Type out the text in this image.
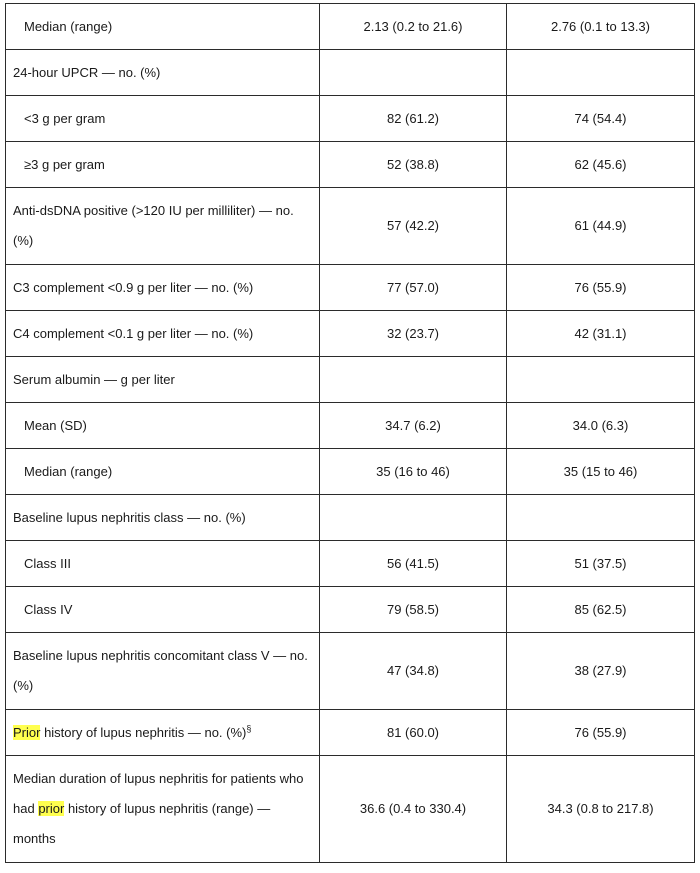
Median (range)	2.13 (0.2 to 21.6)	2.76 (0.1 to 13.3)
24-hour UPCR — no. (%)		
<3 g per gram	82 (61.2)	74 (54.4)
≥3 g per gram	52 (38.8)	62 (45.6)
Anti-dsDNA positive (>120 IU per milliliter) — no. (%)	57 (42.2)	61 (44.9)
C3 complement <0.9 g per liter — no. (%)	77 (57.0)	76 (55.9)
C4 complement <0.1 g per liter — no. (%)	32 (23.7)	42 (31.1)
Serum albumin — g per liter		
Mean (SD)	34.7 (6.2)	34.0 (6.3)
Median (range)	35 (16 to 46)	35 (15 to 46)
Baseline lupus nephritis class — no. (%)		
Class III	56 (41.5)	51 (37.5)
Class IV	79 (58.5)	85 (62.5)
Baseline lupus nephritis concomitant class V — no. (%)	47 (34.8)	38 (27.9)
Prior history of lupus nephritis — no. (%)§	81 (60.0)	76 (55.9)
Median duration of lupus nephritis for patients who had prior history of lupus nephritis (range) — months	36.6 (0.4 to 330.4)	34.3 (0.8 to 217.8)
